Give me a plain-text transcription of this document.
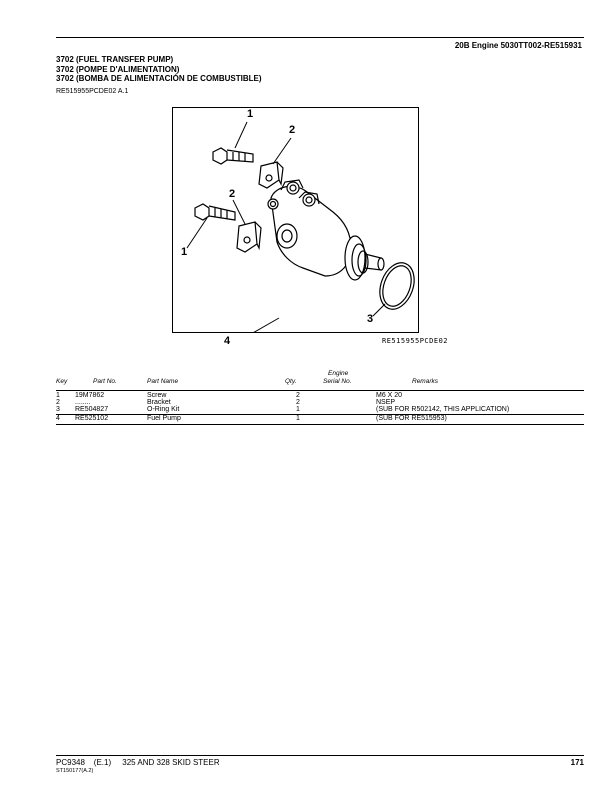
20B Engine 5030TT002-RE515931
3702 (FUEL TRANSFER PUMP)
3702 (POMPE D'ALIMENTATION)
3702 (BOMBA DE ALIMENTACIÓN DE COMBUSTIBLE)
RE515955PCDE02 A.1
1
2
2
1
3
4	RE515955PCDE02
Key	Part No.	Part Name	Qty.
Engine
Serial No.	Remarks
1 19M7862	Screw	2	M6 X 20
2 ........	Bracket	2	NSEP
3 RE504827	O-Ring Kit	1	(SUB FOR R502142, THIS APPLICATION)
4 RE525102	Fuel Pump	1	(SUB FOR RE515953)
PC9348    (E.1)     325 AND 328 SKID STEER
ST150177(A.2)
171
